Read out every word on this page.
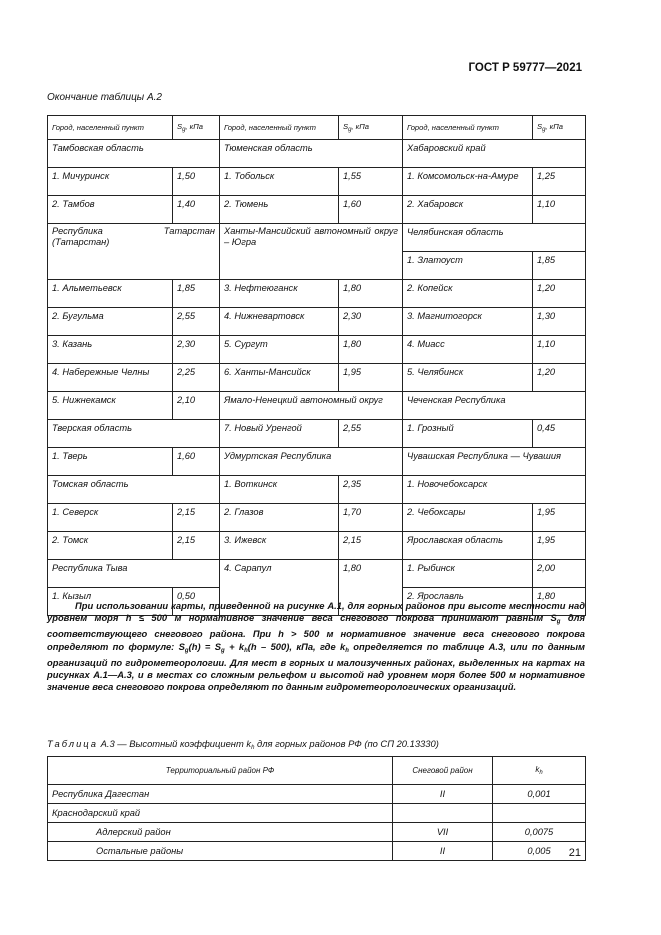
ГОСТ Р 59777—2021
Окончание таблицы А.2
Город, населенный пункт	$S_g$, кПа	Город, населенный пункт	$S_g$, кПа	Город, населенный пункт	$S_g$, кПа
Тамбовская область		Тюменская область		Хабаровский край	
1. Мичуринск	1,50	1. Тобольск	1,55	1. Комсомольск-на-Амуре	1,25
2. Тамбов	1,40	2. Тюмень	1,60	2. Хабаровск	1,10
Республика Татарстан (Татарстан)		Ханты-Мансийский автономный округ – Югра		Челябинская область	
				1. Златоуст	1,85
1. Альметьевск	1,85	3. Нефтеюганск	1,80	2. Копейск	1,20
2. Бугульма	2,55	4. Нижневартовск	2,30	3. Магнитогорск	1,30
3. Казань	2,30	5. Сургут	1,80	4. Миасс	1,10
4. Набережные Челны	2,25	6. Ханты-Мансийск	1,95	5. Челябинск	1,20
5. Нижнекамск	2,10	Ямало-Ненецкий автономный округ		Чеченская Республика	
Тверская область		7. Новый Уренгой	2,55	1. Грозный	0,45
1. Тверь	1,60	Удмуртская Республика		Чувашская Республика — Чувашия	
Томская область		1. Воткинск	2,35	1. Новочебоксарск	
1. Северск	2,15	2. Глазов	1,70	2. Чебоксары	1,95
2. Томск	2,15	3. Ижевск	2,15	Ярославская область	1,95
Республика Тыва		4. Сарапул	1,80	1. Рыбинск	2,00
1. Кызыл	0,50			2. Ярославль	1,80

При использовании карты, приведенной на рисунке А.1, для горных районов при высоте местности над уровнем моря h ≤ 500 м нормативное значение веса снегового покрова принимают равным $S_g$ для соответствующего снегового района. При h > 500 м нормативное значение веса снегового покрова определяют по формуле: $S_g(h) = S_g + k_h(h - 500)$, кПа, где $k_h$ определяется по таблице А.3, или по данным организаций по гидрометеорологии. Для мест в горных и малоизученных районах, выделенных на картах на рисунках А.1—А.3, и в местах со сложным рельефом и высотой над уровнем моря более 500 м нормативное значение веса снегового покрова определяют по данным гидрометеорологических организаций.

Таблица А.3 — Высотный коэффициент $k_h$ для горных районов РФ (по СП 20.13330)
Территориальный район РФ	Снеговой район	$k_h$
Республика Дагестан	II	0,001
Краснодарский край		
Адлерский район	VII	0,0075
Остальные районы	II	0,005 21
